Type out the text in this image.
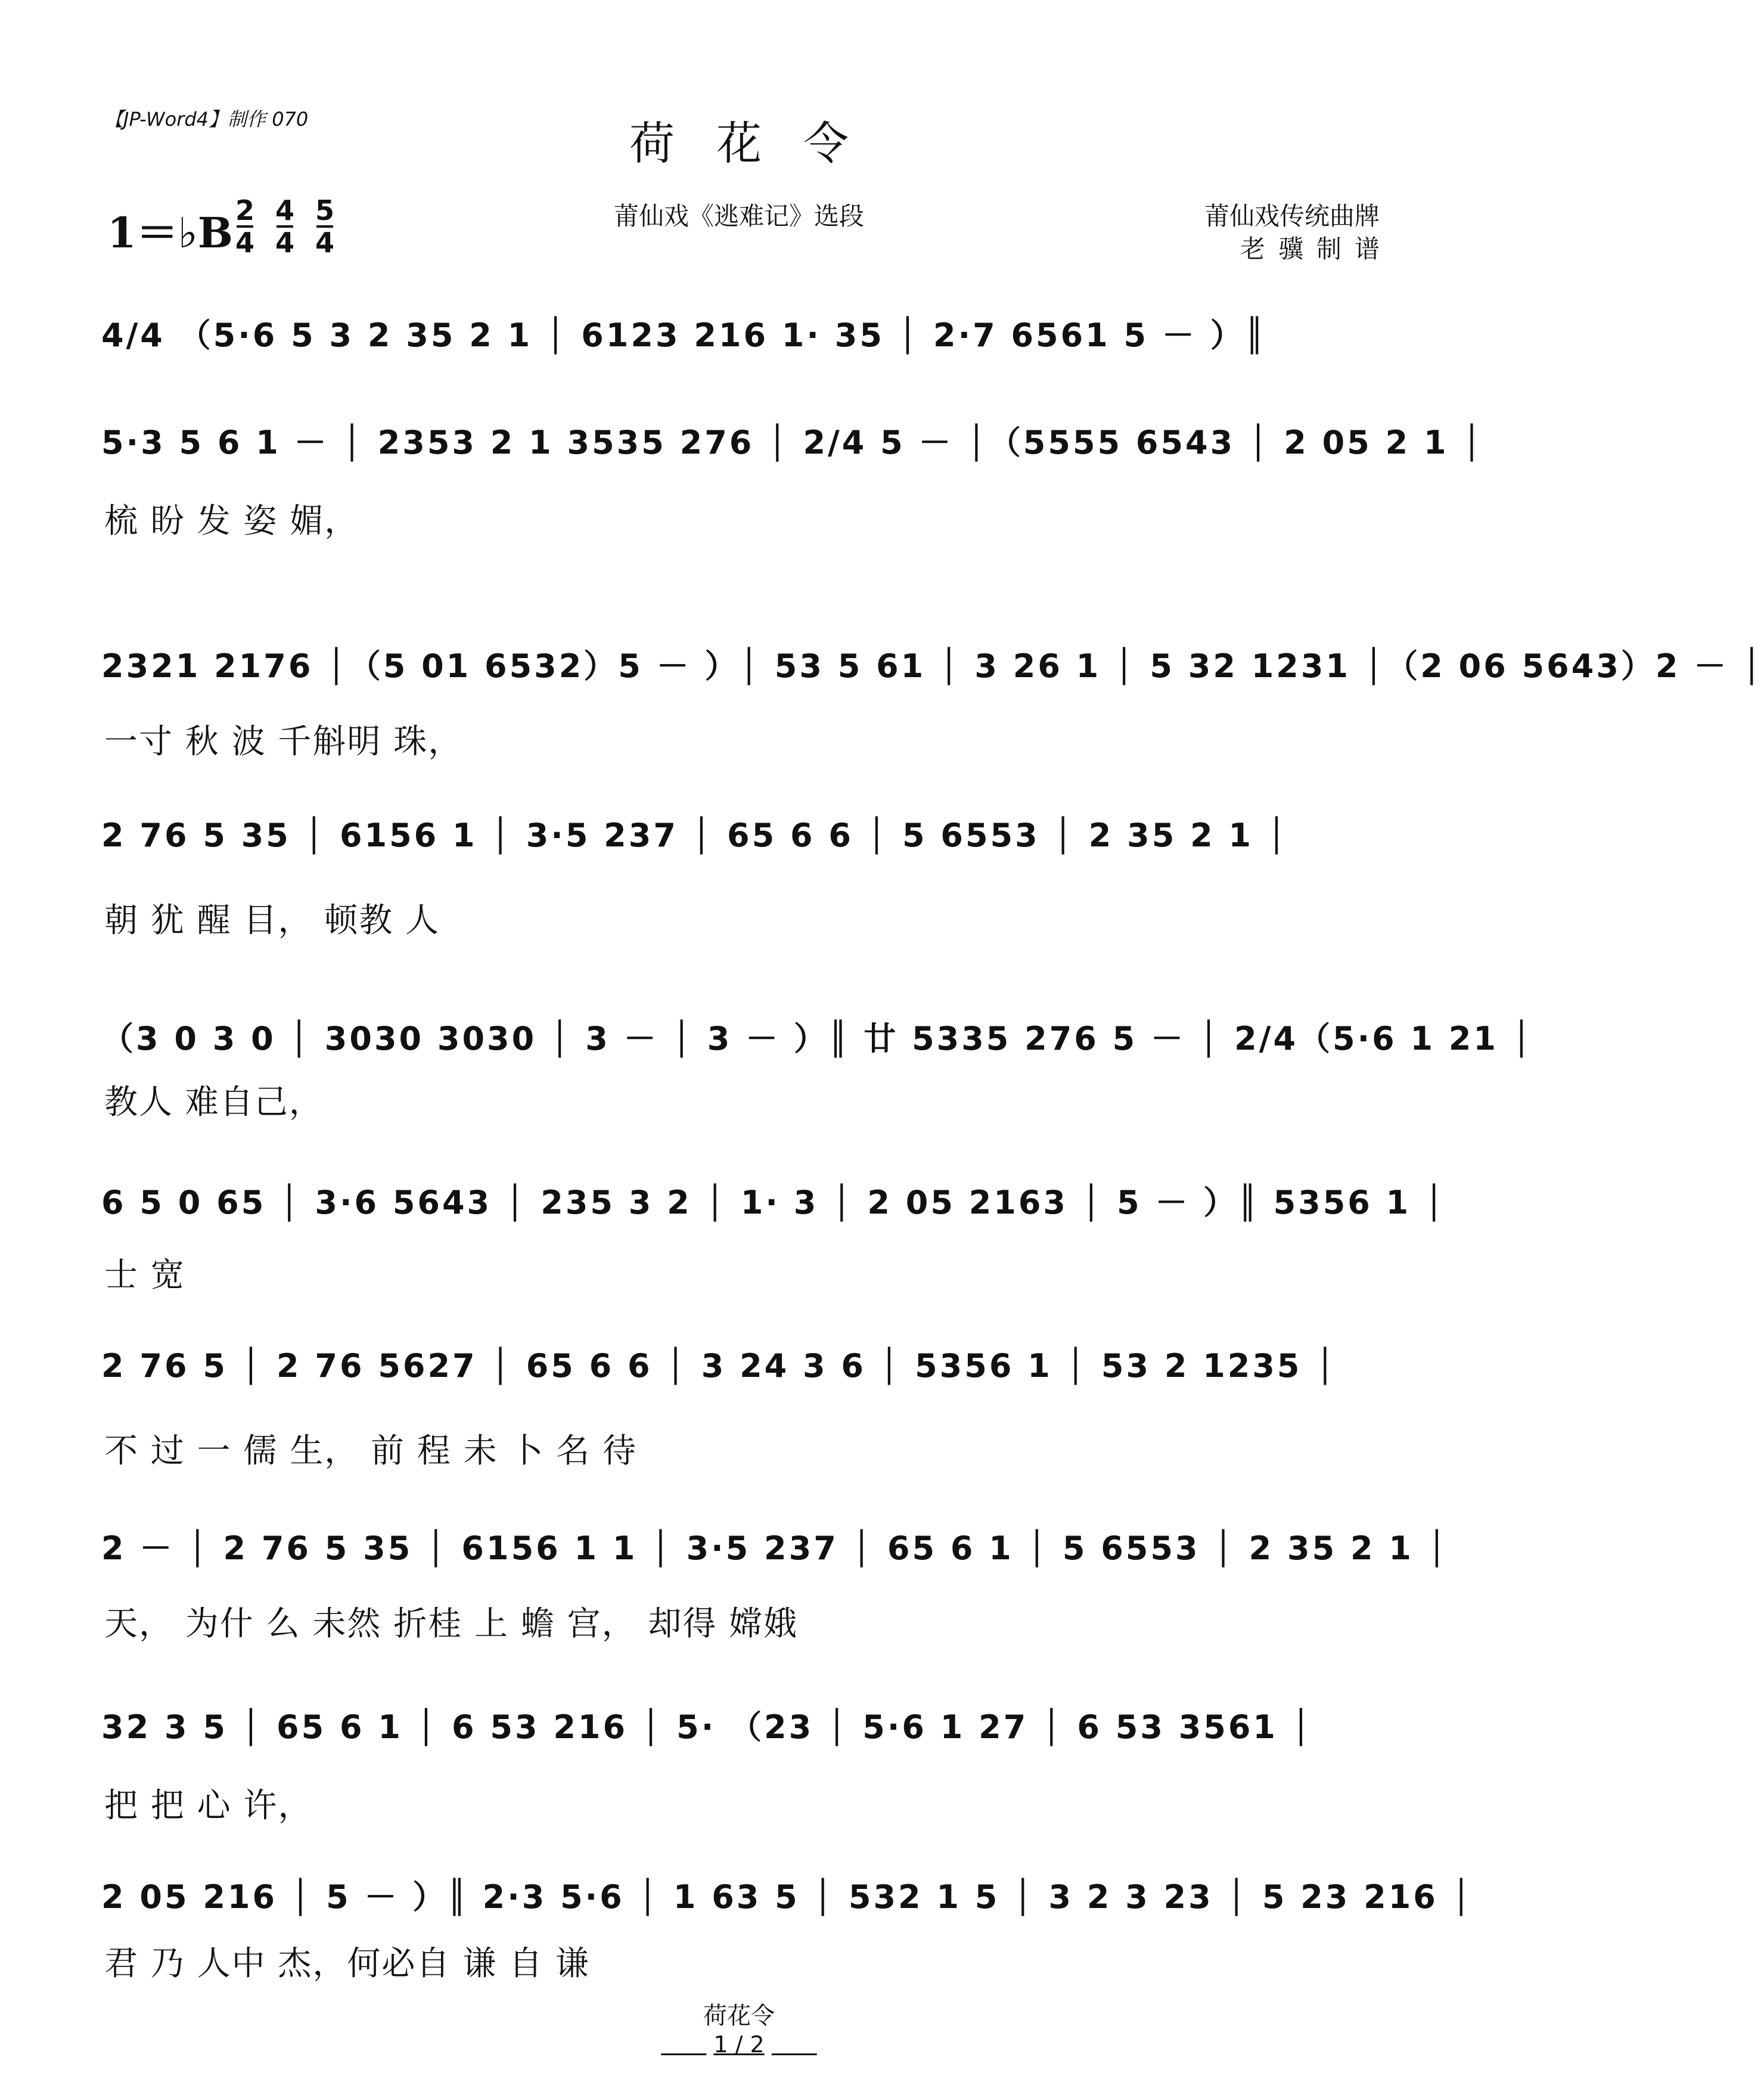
【JP-Word4】制作 070	荷花令
1＝♭B 2
4
4
4
5
4
莆仙戏《逃难记》选段	莆仙戏传统曲牌
老骥制谱
4/4 （5·6 5 3 2 35 2 1 │ 6123 216 1· 35 │ 2·7 6561 5 － ）║
5·3 5 6 1 － │ 2353 2 1 3535 276 │ 2/4 5 － │（5555 6543 │ 2 05 2 1 │
梳 盼 发 姿 媚，
2321 2176 │（5 01 6532）5 － ）│ 53 5 61 │ 3 26 1 │ 5 32 1231 │（2 06 5643）2 － │
一寸 秋 波 千斛明 珠，
2 76 5 35 │ 6156 1 │ 3·5 237 │ 65 6 6 │ 5 6553 │ 2 35 2 1 │
朝 犹 醒 目， 顿教 人
（3 0 3 0 │ 3030 3030 │ 3 － │ 3 － ）║ 廿 5335 276 5 － │ 2/4（5·6 1 21 │
教人 难自己，
6 5 0 65 │ 3·6 5643 │ 235 3 2 │ 1· 3 │ 2 05 2163 │ 5 － ）║ 5356 1 │
士 宽
2 76 5 │ 2 76 5627 │ 65 6 6 │ 3 24 3 6 │ 5356 1 │ 53 2 1235 │
不 过 一 儒 生， 前 程 未 卜 名 待
2 － │ 2 76 5 35 │ 6156 1 1 │ 3·5 237 │ 65 6 1 │ 5 6553 │ 2 35 2 1 │
天， 为什 么 未然 折桂 上 蟾 宫， 却得 嫦娥
32 3 5 │ 65 6 1 │ 6 53 216 │ 5· （23 │ 5·6 1 27 │ 6 53 3561 │
把 把 心 许，
2 05 216 │ 5 － ）║ 2·3 5·6 │ 1 63 5 │ 532 1 5 │ 3 2 3 23 │ 5 23 216 │
君 乃 人中 杰，何必自 谦 自 谦
荷花令
   1 / 2   
